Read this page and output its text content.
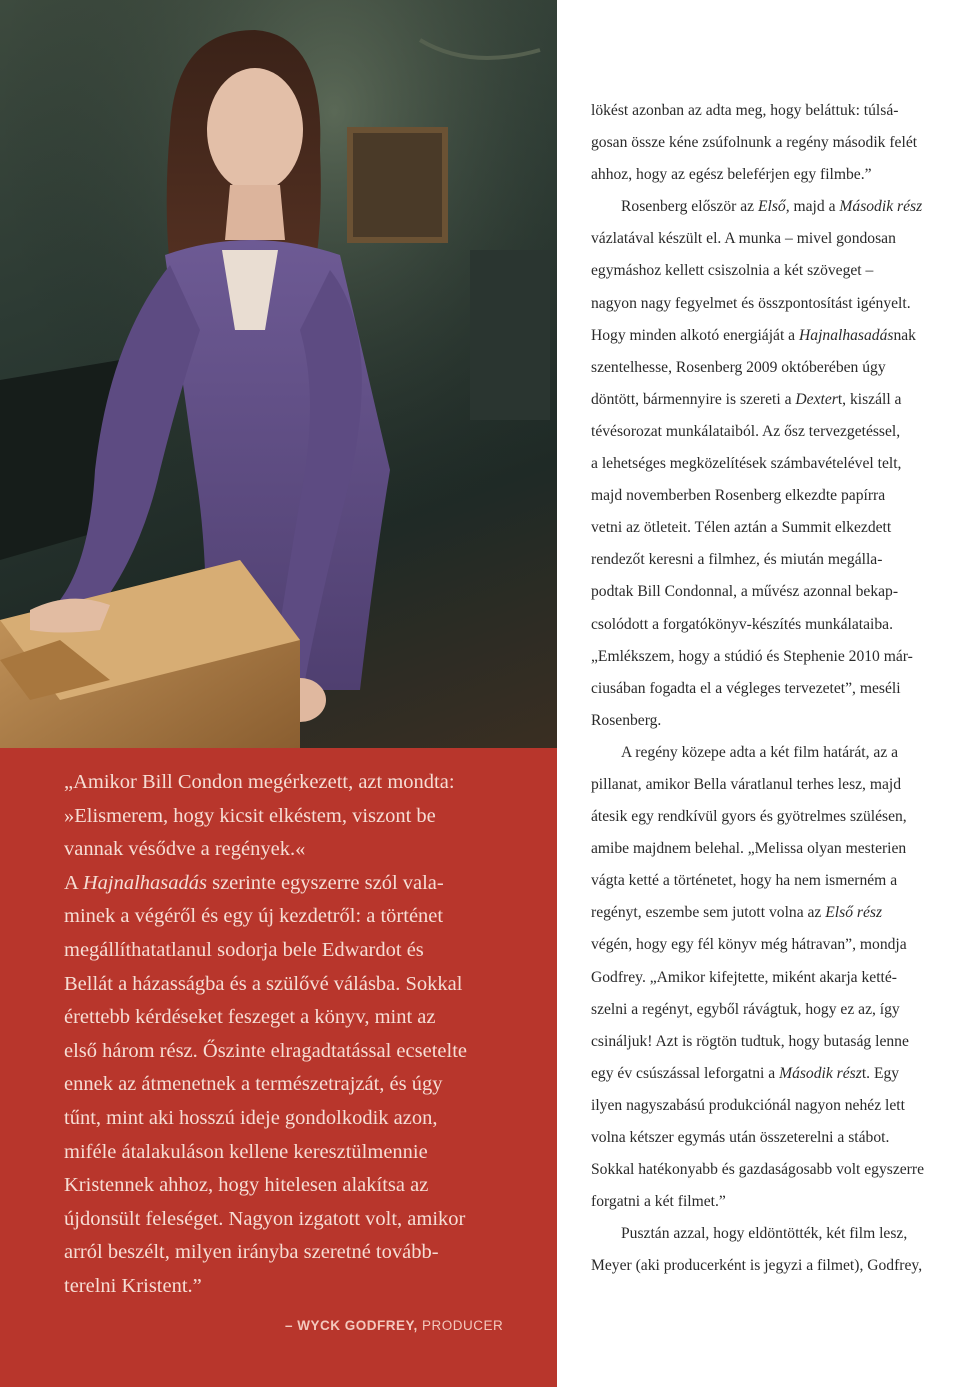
„Amikor Bill Condon megérkezett, azt mondta:
»Elismerem, hogy kicsit elkéstem, viszont be
vannak vésődve a regények.«

A Hajnalhasadás szerinte egyszerre szól vala-
minek a végéről és egy új kezdetről: a történet
megállíthatatlanul sodorja bele Edwardot és
Bellát a házasságba és a szülővé válásba. Sokkal
érettebb kérdéseket feszeget a könyv, mint az
első három rész. Őszinte elragadtatással ecsetelte
ennek az átmenetnek a természetrajzát, és úgy
tűnt, mint aki hosszú ideje gondolkodik azon,
miféle átalakuláson kellene keresztülmennie
Kristennek ahhoz, hogy hitelesen alakítsa az
újdonsült feleséget. Nagyon izgatott volt, amikor
arról beszélt, milyen irányba szeretné tovább-
terelni Kristent.”

– WYCK GODFREY, PRODUCER

lökést azonban az adta meg, hogy beláttuk: túlsá-
gosan össze kéne zsúfolnunk a regény második felét
ahhoz, hogy az egész beleférjen egy filmbe.”

Rosenberg először az Első, majd a Második rész

vázlatával készült el. A munka – mivel gondosan
egymáshoz kellett csiszolnia a két szöveget –
nagyon nagy fegyelmet és összpontosítást igényelt.
Hogy minden alkotó energiáját a Hajnalhasadásnak
szentelhesse, Rosenberg 2009 októberében úgy
döntött, bármennyire is szereti a Dextert, kiszáll a
tévésorozat munkálataiból. Az ősz tervezgetéssel,
a lehetséges megközelítések számbavételével telt,
majd novemberben Rosenberg elkezdte papírra
vetni az ötleteit. Télen aztán a Summit elkezdett
rendezőt keresni a filmhez, és miután megálla-
podtak Bill Condonnal, a művész azonnal bekap-
csolódott a forgatókönyv-készítés munkálataiba.

„Emlékszem, hogy a stúdió és Stephenie 2010 már-

ciusában fogadta el a végleges tervezetet”, meséli
Rosenberg.

A regény közepe adta a két film határát, az a

pillanat, amikor Bella váratlanul terhes lesz, majd
átesik egy rendkívül gyors és gyötrelmes szülésen,
amibe majdnem belehal. „Melissa olyan mesterien
vágta ketté a történetet, hogy ha nem ismerném a
regényt, eszembe sem jutott volna az Első rész
végén, hogy egy fél könyv még hátravan”, mondja
Godfrey. „Amikor kifejtette, miként akarja ketté-
szelni a regényt, egyből rávágtuk, hogy ez az, így
csináljuk! Azt is rögtön tudtuk, hogy butaság lenne
egy év csúszással leforgatni a Második részt. Egy
ilyen nagyszabású produkciónál nagyon nehéz lett
volna kétszer egymás után összeterelni a stábot.
Sokkal hatékonyabb és gazdaságosabb volt egyszerre
forgatni a két filmet.”

Pusztán azzal, hogy eldöntötték, két film lesz,

Meyer (aki producerként is jegyzi a filmet), Godfrey,
